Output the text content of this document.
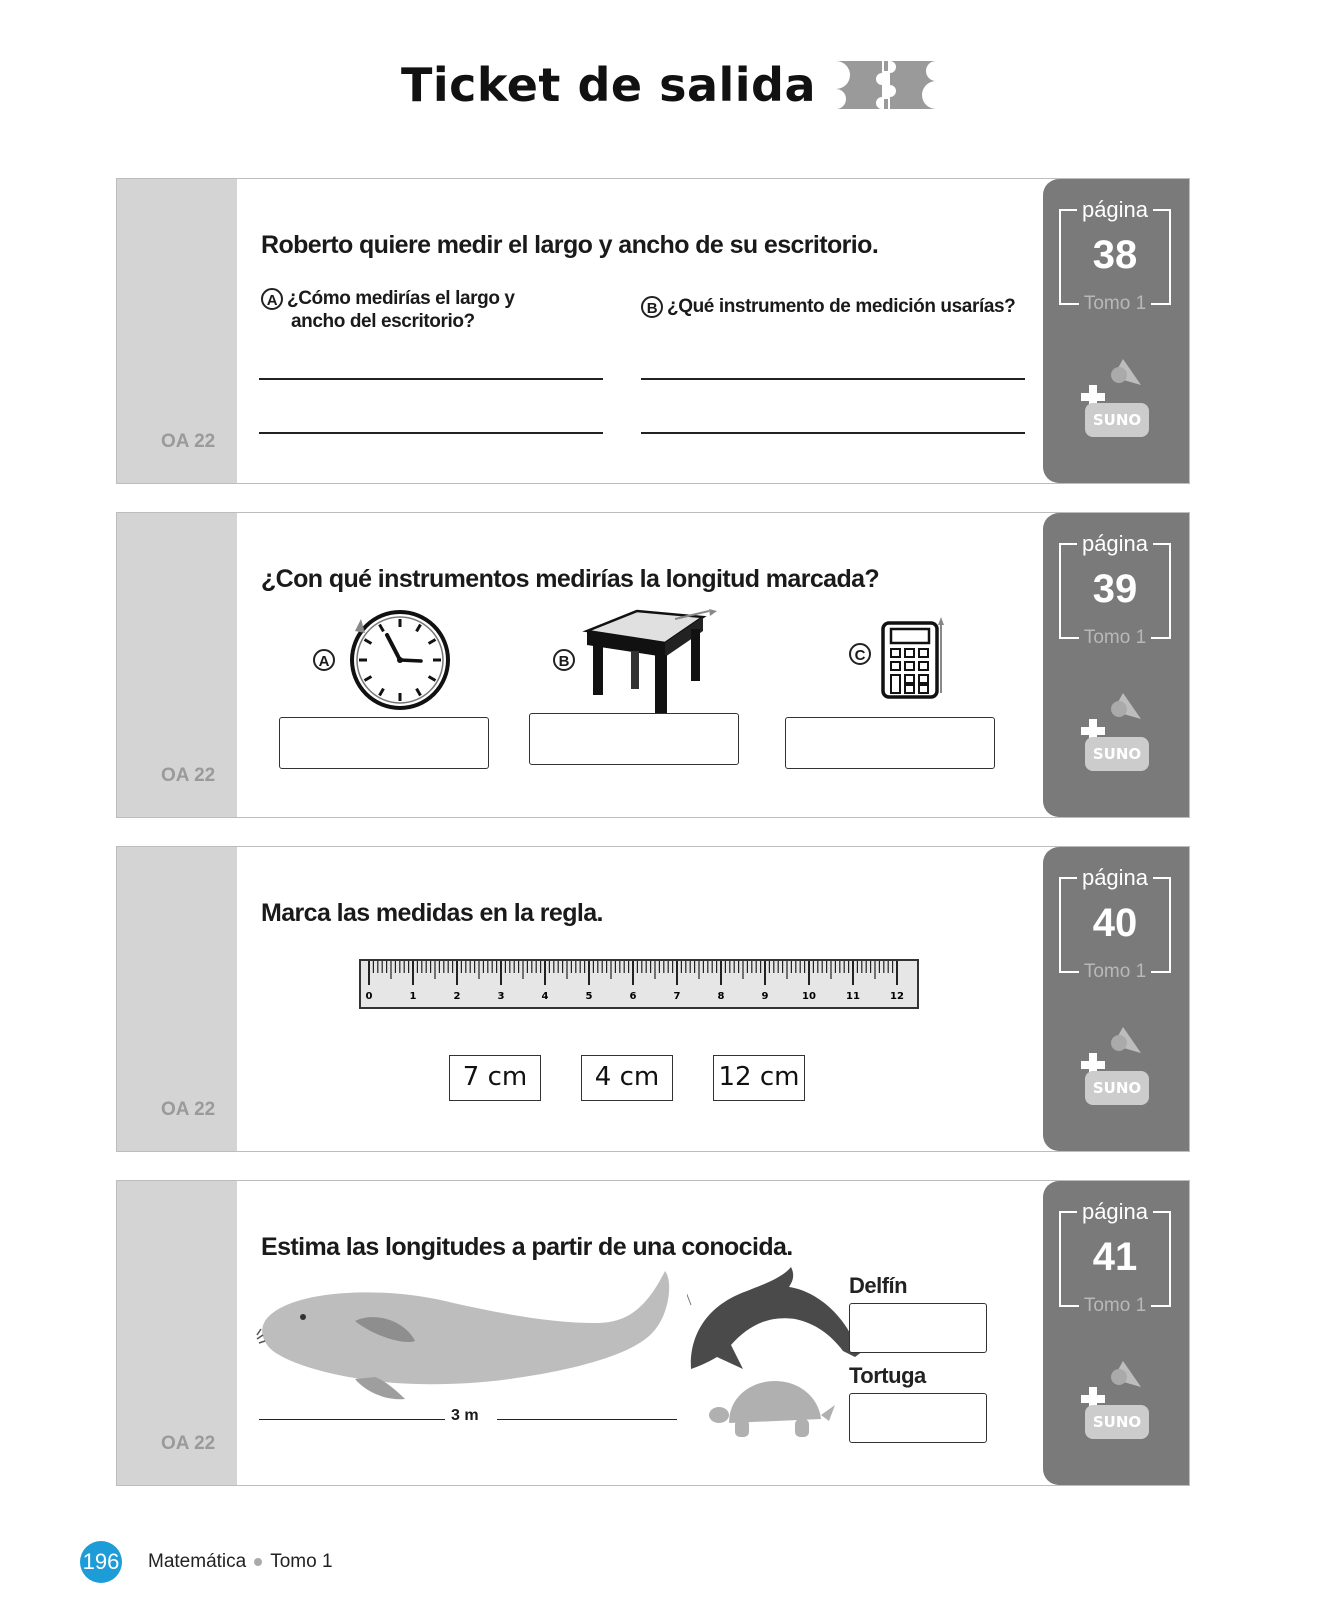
Ticket de salida
OA 22
Roberto quiere medir el largo y ancho de su escritorio.
A ¿Cómo medirías el largo y
ancho del escritorio?
B ¿Qué instrumento de medición usarías?
página
38
Tomo 1
SUNO
OA 22
¿Con qué instrumentos medirías la longitud marcada?
A	B	C
página
39
Tomo 1
SUNO
OA 22
Marca las medidas en la regla.
0	1	2	3	4	5	6	7	8	9	10	11	12
7 cm	4 cm	12 cm
página
40
Tomo 1
SUNO
OA 22
Estima las longitudes a partir de una conocida.
3 m
Delfín
Tortuga
página
41
Tomo 1
SUNO
196 Matemática Tomo 1
